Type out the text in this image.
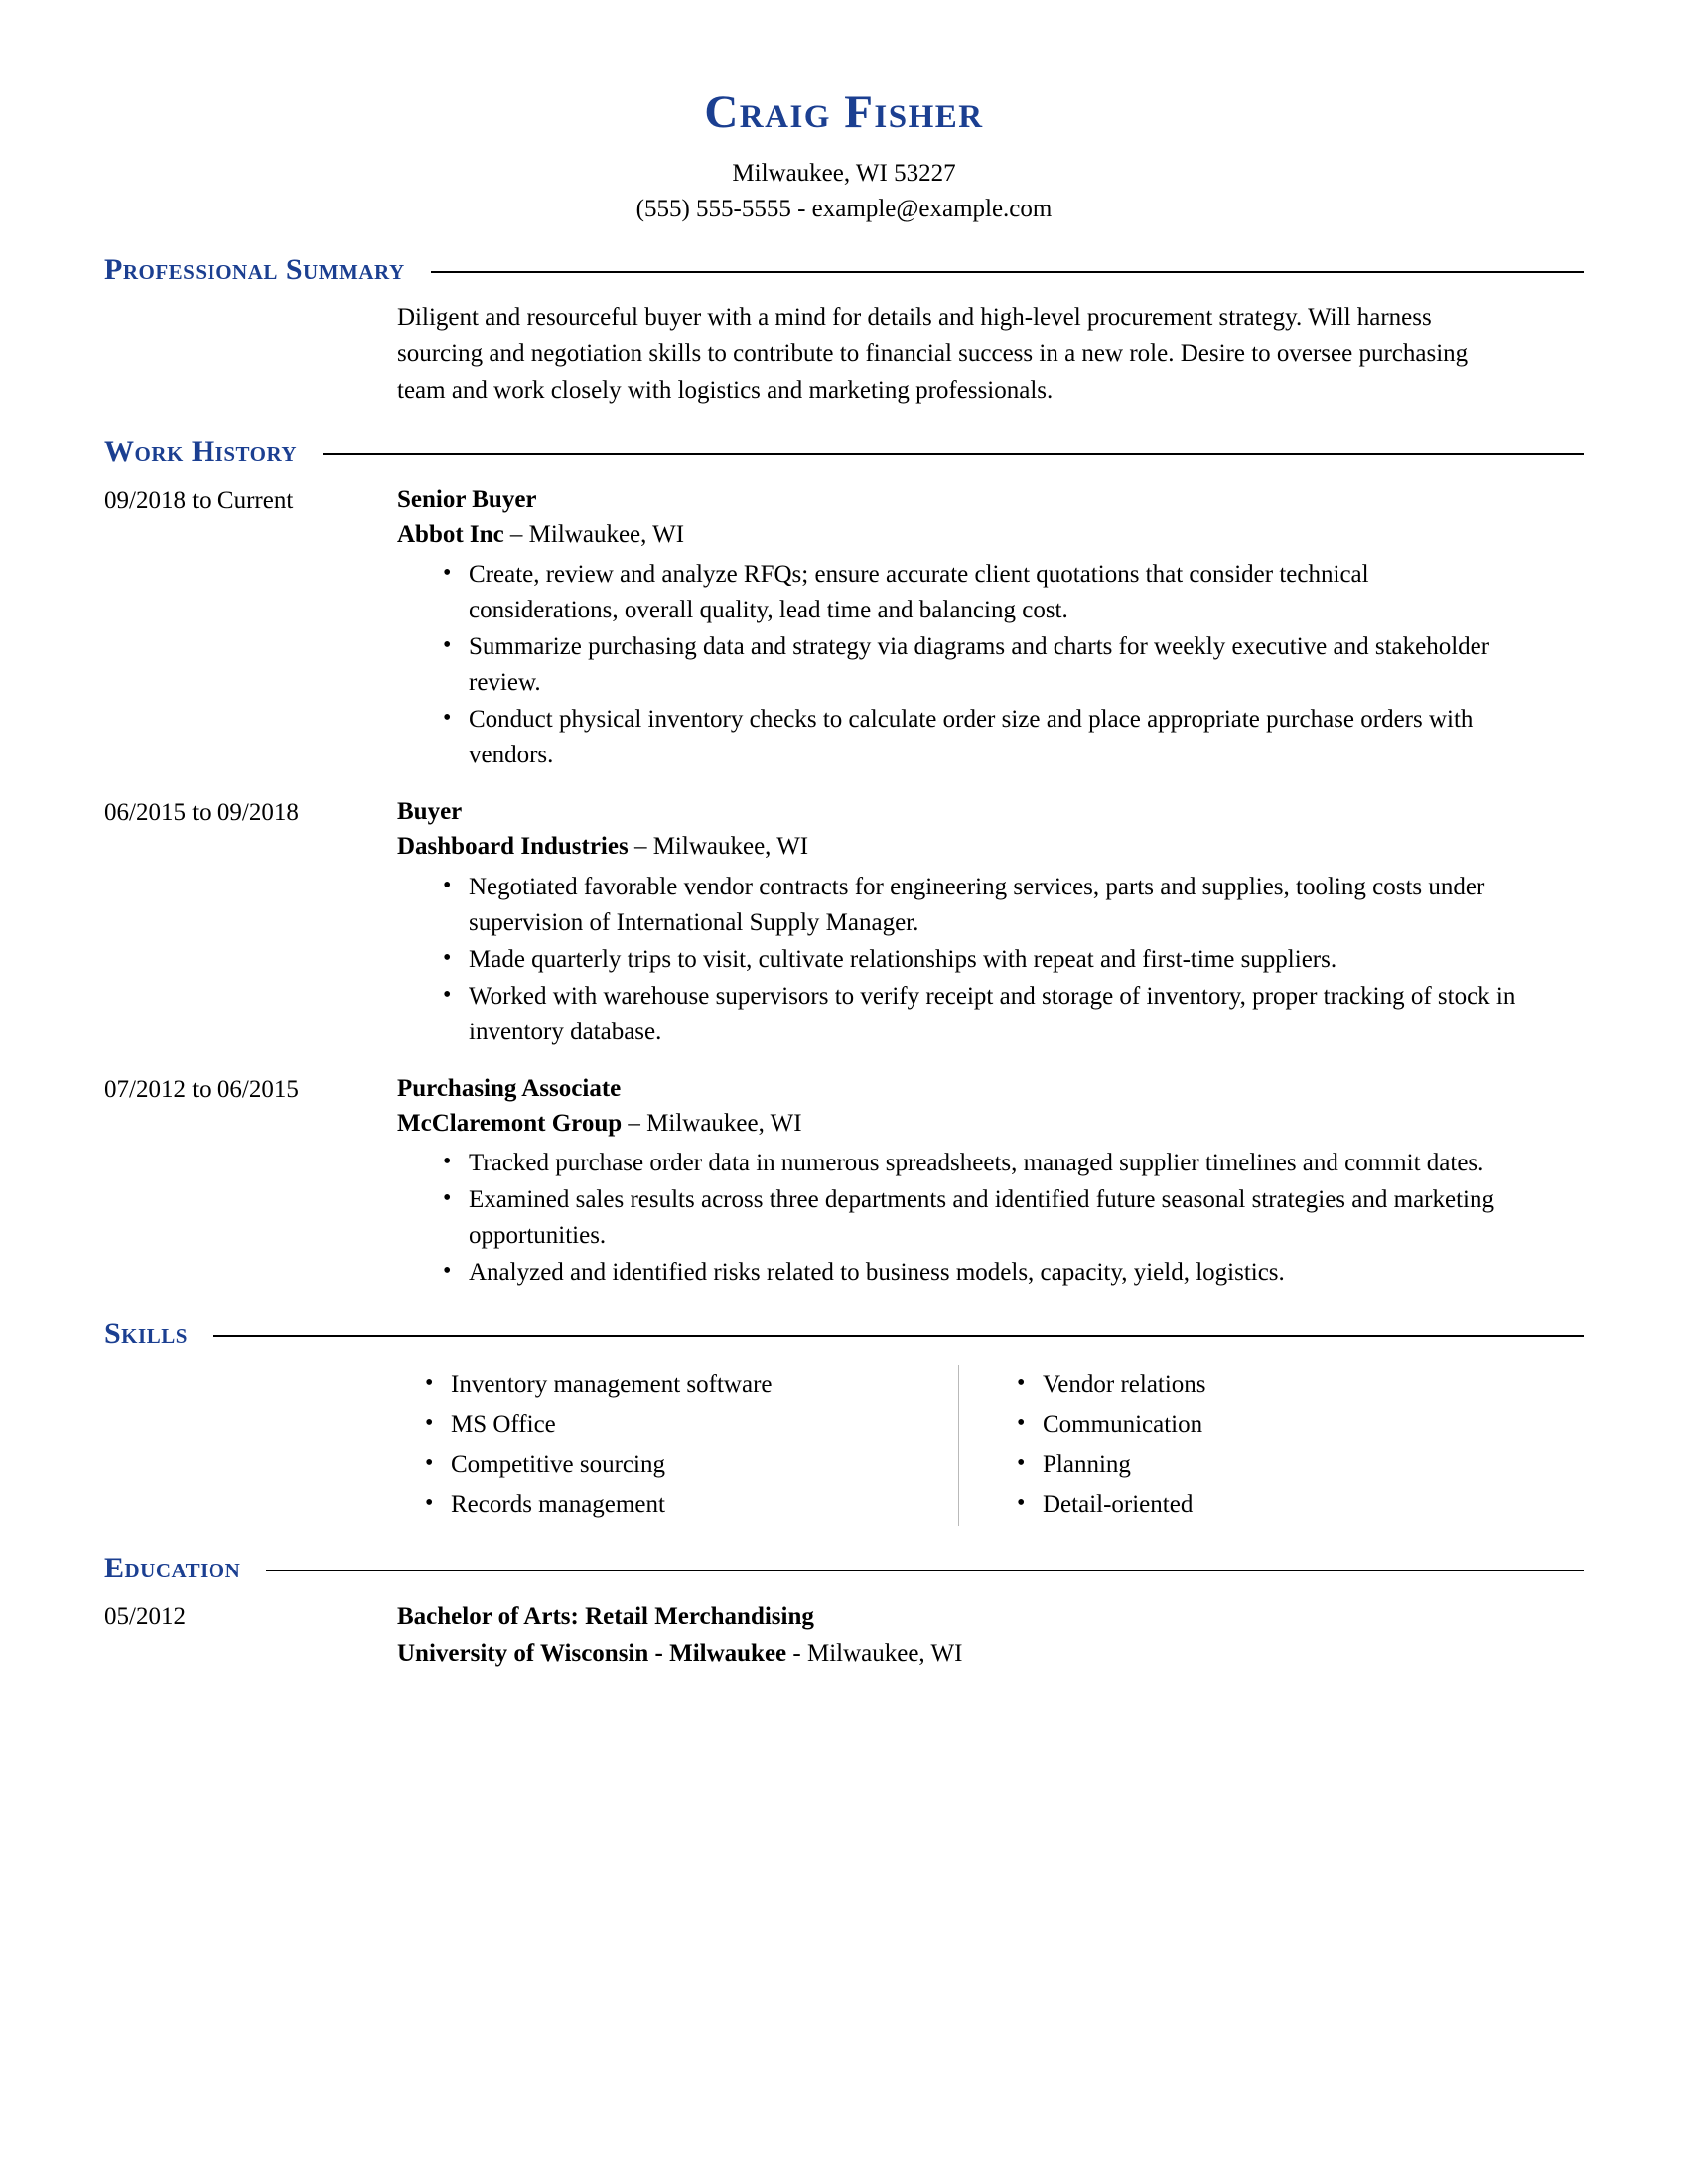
Craig Fisher
Milwaukee, WI 53227
(555) 555-5555 - example@example.com
Professional Summary

Diligent and resourceful buyer with a mind for details and high-level procurement strategy. Will harness sourcing and negotiation skills to contribute to financial success in a new role. Desire to oversee purchasing team and work closely with logistics and marketing professionals.

Work History
09/2018 to Current	Senior Buyer
Abbot Inc – Milwaukee, WI
• Create, review and analyze RFQs; ensure accurate client quotations that consider technical considerations, overall quality, lead time and balancing cost.
• Summarize purchasing data and strategy via diagrams and charts for weekly executive and stakeholder review.
• Conduct physical inventory checks to calculate order size and place appropriate purchase orders with vendors.
06/2015 to 09/2018	Buyer
Dashboard Industries – Milwaukee, WI
• Negotiated favorable vendor contracts for engineering services, parts and supplies, tooling costs under supervision of International Supply Manager.
• Made quarterly trips to visit, cultivate relationships with repeat and first-time suppliers.
• Worked with warehouse supervisors to verify receipt and storage of inventory, proper tracking of stock in inventory database.
07/2012 to 06/2015	Purchasing Associate
McClaremont Group – Milwaukee, WI
• Tracked purchase order data in numerous spreadsheets, managed supplier timelines and commit dates.
• Examined sales results across three departments and identified future seasonal strategies and marketing opportunities.
• Analyzed and identified risks related to business models, capacity, yield, logistics.
Skills
• Inventory management software
• MS Office
• Competitive sourcing
• Records management
• Vendor relations
• Communication
• Planning
• Detail-oriented
Education
05/2012	Bachelor of Arts: Retail Merchandising
University of Wisconsin - Milwaukee - Milwaukee, WI
